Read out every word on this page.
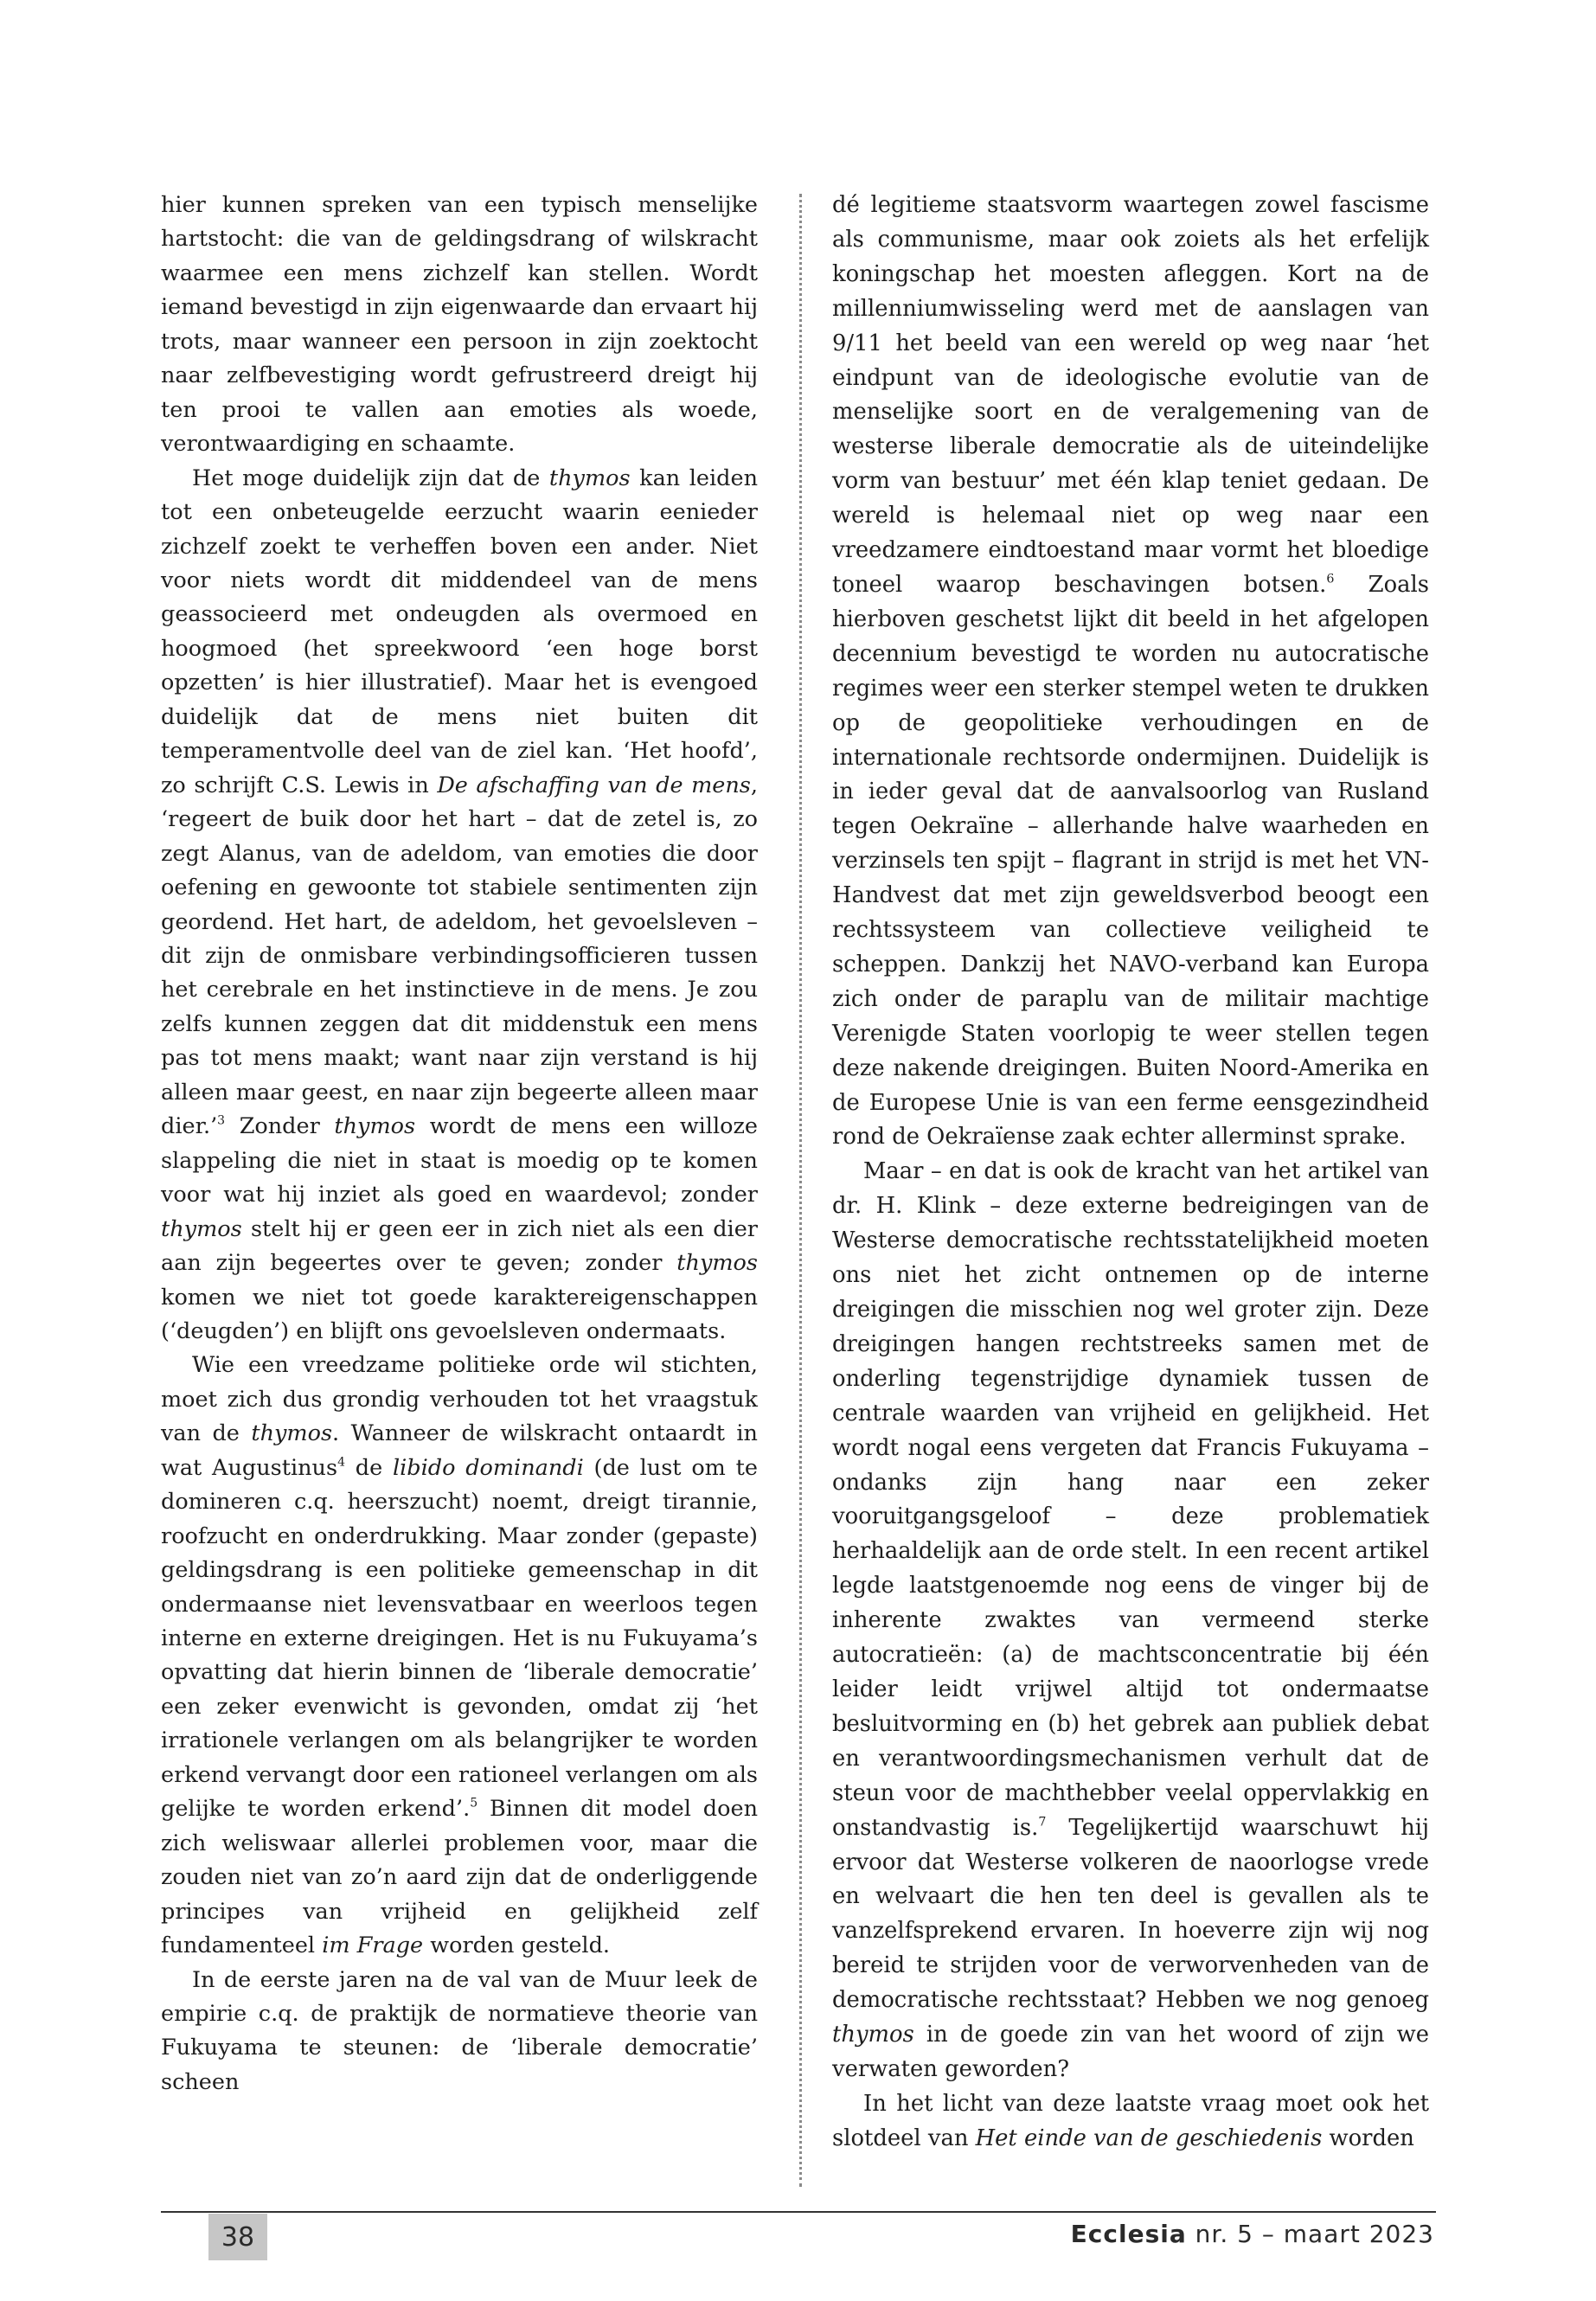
hier kunnen spreken van een typisch menselijke hartstocht: die van de geldingsdrang of wilskracht waarmee een mens zichzelf kan stellen. Wordt iemand bevestigd in zijn eigenwaarde dan ervaart hij trots, maar wanneer een persoon in zijn zoektocht naar zelfbevestiging wordt gefrustreerd dreigt hij ten prooi te vallen aan emoties als woede, verontwaardiging en schaamte.

Het moge duidelijk zijn dat de thymos kan leiden tot een onbeteugelde eerzucht waarin eenieder zichzelf zoekt te verheffen boven een ander. Niet voor niets wordt dit middendeel van de mens geassocieerd met ondeugden als overmoed en hoogmoed (het spreekwoord ‘een hoge borst opzetten’ is hier illustratief). Maar het is evengoed duidelijk dat de mens niet buiten dit temperamentvolle deel van de ziel kan. ‘Het hoofd’, zo schrijft C.S. Lewis in De afschaffing van de mens, ‘regeert de buik door het hart – dat de zetel is, zo zegt Alanus, van de adeldom, van emoties die door oefening en gewoonte tot stabiele sentimenten zijn geordend. Het hart, de adeldom, het gevoelsleven – dit zijn de onmisbare verbindingsofficieren tussen het cerebrale en het instinctieve in de mens. Je zou zelfs kunnen zeggen dat dit middenstuk een mens pas tot mens maakt; want naar zijn verstand is hij alleen maar geest, en naar zijn begeerte alleen maar dier.’$^3$ Zonder thymos wordt de mens een willoze slappeling die niet in staat is moedig op te komen voor wat hij inziet als goed en waardevol; zonder thymos stelt hij er geen eer in zich niet als een dier aan zijn begeertes over te geven; zonder thymos komen we niet tot goede karaktereigenschappen (‘deugden’) en blijft ons gevoelsleven ondermaats.

Wie een vreedzame politieke orde wil stichten, moet zich dus grondig verhouden tot het vraagstuk van de thymos. Wanneer de wilskracht ontaardt in wat Augustinus$^4$ de libido dominandi (de lust om te domineren c.q. heerszucht) noemt, dreigt tirannie, roofzucht en onderdrukking. Maar zonder (gepaste) geldingsdrang is een politieke gemeenschap in dit ondermaanse niet levensvatbaar en weerloos tegen interne en externe dreigingen. Het is nu Fukuyama’s opvatting dat hierin binnen de ‘liberale democratie’ een zeker evenwicht is gevonden, omdat zij ‘het irrationele verlangen om als belangrijker te worden erkend vervangt door een rationeel verlangen om als gelijke te worden erkend’.$^5$ Binnen dit model doen zich weliswaar allerlei problemen voor, maar die zouden niet van zo’n aard zijn dat de onderliggende principes van vrijheid en gelijkheid zelf fundamenteel im Frage worden gesteld.

In de eerste jaren na de val van de Muur leek de empirie c.q. de praktijk de normatieve theorie van Fukuyama te steunen: de ‘liberale democratie’ scheen

dé legitieme staatsvorm waartegen zowel fascisme als communisme, maar ook zoiets als het erfelijk koningschap het moesten afleggen. Kort na de millenniumwisseling werd met de aanslagen van 9/11 het beeld van een wereld op weg naar ‘het eindpunt van de ideologische evolutie van de menselijke soort en de veralgemening van de westerse liberale democratie als de uiteindelijke vorm van bestuur’ met één klap teniet gedaan. De wereld is helemaal niet op weg naar een vreedzamere eindtoestand maar vormt het bloedige toneel waarop beschavingen botsen.$^6$ Zoals hierboven geschetst lijkt dit beeld in het afgelopen decennium bevestigd te worden nu autocratische regimes weer een sterker stempel weten te drukken op de geopolitieke verhoudingen en de internationale rechtsorde ondermijnen. Duidelijk is in ieder geval dat de aanvalsoorlog van Rusland tegen Oekraïne – allerhande halve waarheden en verzinsels ten spijt – flagrant in strijd is met het VN-Handvest dat met zijn geweldsverbod beoogt een rechtssysteem van collectieve veiligheid te scheppen. Dankzij het NAVO-verband kan Europa zich onder de paraplu van de militair machtige Verenigde Staten voorlopig te weer stellen tegen deze nakende dreigingen. Buiten Noord-Amerika en de Europese Unie is van een ferme eensgezindheid rond de Oekraïense zaak echter allerminst sprake.

Maar – en dat is ook de kracht van het artikel van dr. H. Klink – deze externe bedreigingen van de Westerse democratische rechtsstatelijkheid moeten ons niet het zicht ontnemen op de interne dreigingen die misschien nog wel groter zijn. Deze dreigingen hangen rechtstreeks samen met de onderling tegenstrijdige dynamiek tussen de centrale waarden van vrijheid en gelijkheid. Het wordt nogal eens vergeten dat Francis Fukuyama – ondanks zijn hang naar een zeker vooruitgangsgeloof – deze problematiek herhaaldelijk aan de orde stelt. In een recent artikel legde laatstgenoemde nog eens de vinger bij de inherente zwaktes van vermeend sterke autocratieën: (a) de machtsconcentratie bij één leider leidt vrijwel altijd tot ondermaatse besluitvorming en (b) het gebrek aan publiek debat en verantwoordingsmechanismen verhult dat de steun voor de machthebber veelal oppervlakkig en onstandvastig is.$^7$ Tegelijkertijd waarschuwt hij ervoor dat Westerse volkeren de naoorlogse vrede en welvaart die hen ten deel is gevallen als te vanzelfsprekend ervaren. In hoeverre zijn wij nog bereid te strijden voor de verworvenheden van de democratische rechtsstaat? Hebben we nog genoeg thymos in de goede zin van het woord of zijn we verwaten geworden?

In het licht van deze laatste vraag moet ook het slotdeel van Het einde van de geschiedenis worden

38	Ecclesia nr. 5 – maart 2023
